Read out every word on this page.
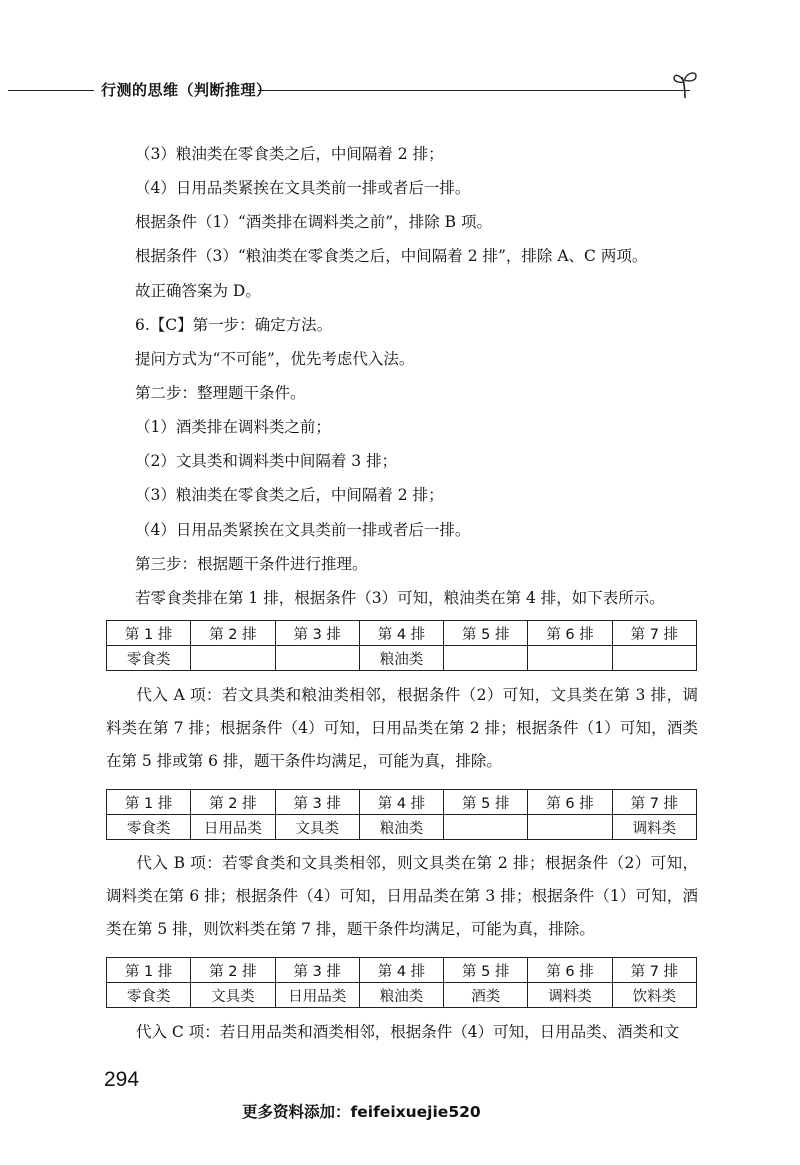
行测的思维（判断推理）
（3）粮油类在零食类之后，中间隔着 2 排；
（4）日用品类紧挨在文具类前一排或者后一排。
根据条件（1）“酒类排在调料类之前”，排除 B 项。
根据条件（3）“粮油类在零食类之后，中间隔着 2 排”，排除 A、C 两项。
故正确答案为 D。
6.【C】第一步：确定方法。
提问方式为“不可能”，优先考虑代入法。
第二步：整理题干条件。
（1）酒类排在调料类之前；
（2）文具类和调料类中间隔着 3 排；
（3）粮油类在零食类之后，中间隔着 2 排；
（4）日用品类紧挨在文具类前一排或者后一排。
第三步：根据题干条件进行推理。
若零食类排在第 1 排，根据条件（3）可知，粮油类在第 4 排，如下表所示。
第 1 排	第 2 排	第 3 排	第 4 排	第 5 排	第 6 排	第 7 排
零食类			粮油类			
代入 A 项：若文具类和粮油类相邻，根据条件（2）可知，文具类在第 3 排，调料类在第 7 排；根据条件（4）可知，日用品类在第 2 排；根据条件（1）可知，酒类在第 5 排或第 6 排，题干条件均满足，可能为真，排除。
第 1 排	第 2 排	第 3 排	第 4 排	第 5 排	第 6 排	第 7 排
零食类	日用品类	文具类	粮油类			调料类
代入 B 项：若零食类和文具类相邻，则文具类在第 2 排；根据条件（2）可知，调料类在第 6 排；根据条件（4）可知，日用品类在第 3 排；根据条件（1）可知，酒类在第 5 排，则饮料类在第 7 排，题干条件均满足，可能为真，排除。
第 1 排	第 2 排	第 3 排	第 4 排	第 5 排	第 6 排	第 7 排
零食类	文具类	日用品类	粮油类	酒类	调料类	饮料类
代入 C 项：若日用品类和酒类相邻，根据条件（4）可知，日用品类、酒类和文
294
更多资料添加：feifeixuejie520
